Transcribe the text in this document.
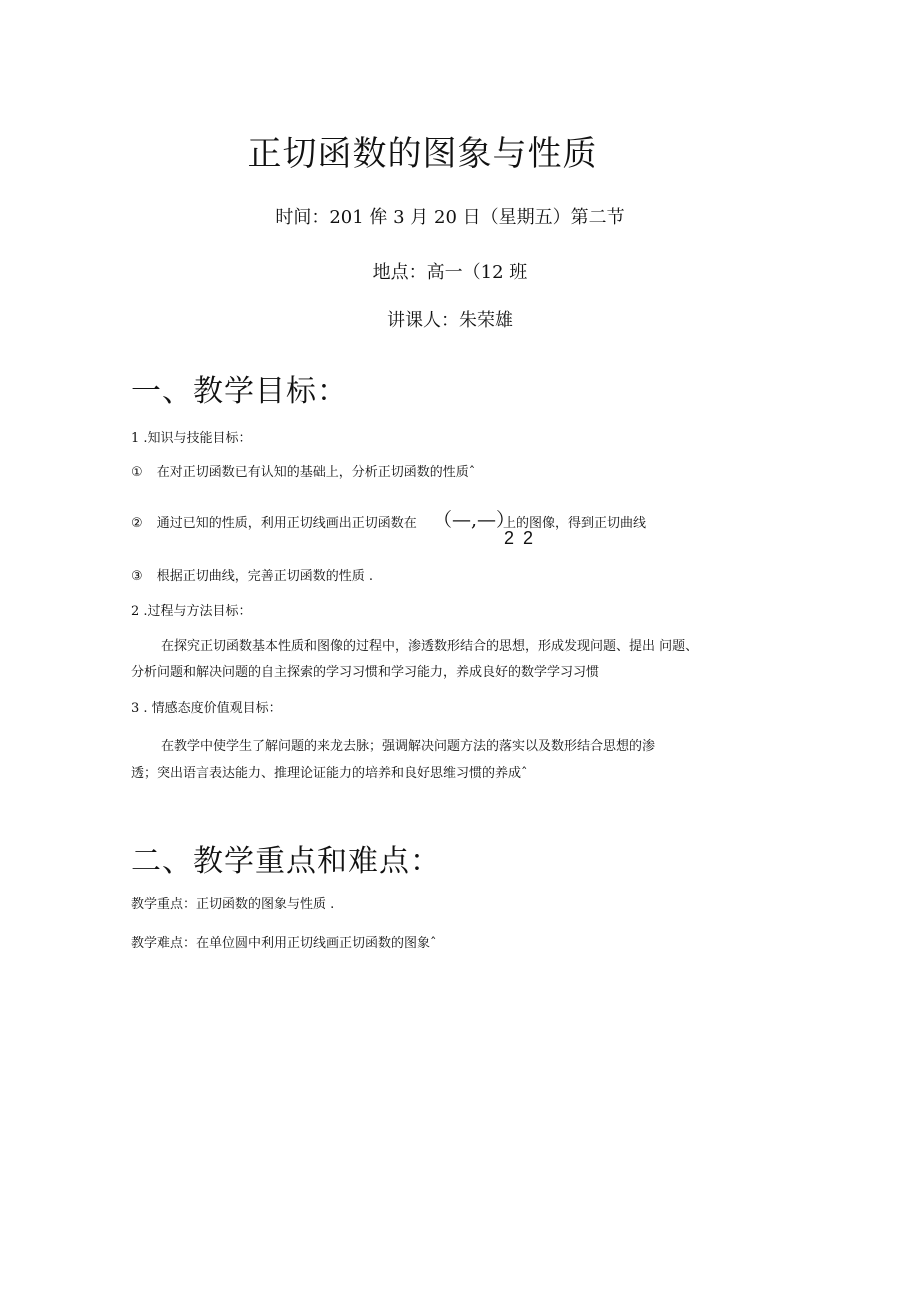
正切函数的图象与性质
时间：201 侔 3 月 20 日（星期五）第二节
地点：高一（12 班
讲课人：朱荣雄
一、教学目标：
1 .知识与技能目标：
① 在对正切函数已有认知的基础上，分析正切函数的性质ˆ
② 通过已知的性质，利用正切线画出正切函数在 （—,—）
上的图像，得到正切曲线
2 2
③ 根据正切曲线，完善正切函数的性质 .
2 .过程与方法目标：
在探究正切函数基本性质和图像的过程中，渗透数形结合的思想，形成发现问题、提出 问题、
分析问题和解决问题的自主探索的学习习惯和学习能力，养成良好的数学学习习惯
3 . 情感态度价值观目标：
在教学中使学生了解问题的来龙去脉；强调解决问题方法的落实以及数形结合思想的渗
透；突出语言表达能力、推理论证能力的培养和良好思维习惯的养成ˆ
二、教学重点和难点：
教学重点：正切函数的图象与性质 .
教学难点：在单位圆中利用正切线画正切函数的图象ˆ
